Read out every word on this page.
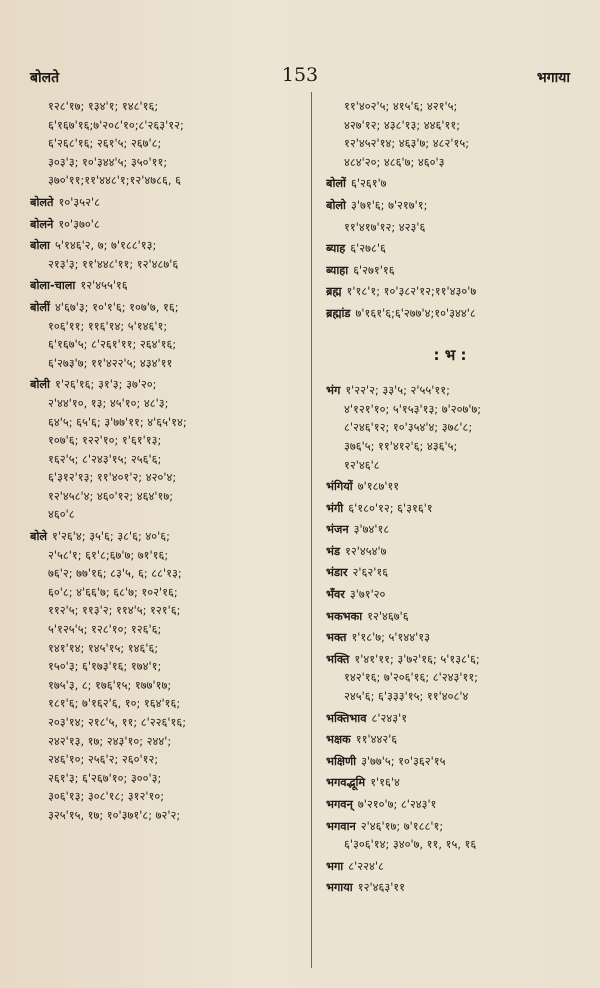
बोलते	153	भगाया
१२८'१७; १३४'१; १४८'१६;
६'१६७'१६;७'२०८'१०;८'२६३'१२;
६'२६८'१६; २६१'५; २६७'८;
३०३'३; १०'३४४'५; ३५०'११;
३७०'११;११'४४८'१;१२'४७८६, ६
बोलते १०'३५२'८
बोलने १०'३७०'८
बोला ५'१४६'२, ७; ७'१८८'१३;
२१३'३; ११'४४८'११; १२'४८७'६
बोला-चाला १२'४५५'१६
बोलीं ४'६७'३; १०'१'६; १०७'७, १६;
१०६'११; ११६'१४; ५'१४६'१;
६'१६७'५; ८'२६१'११; २६४'१६;
६'२७३'७; ११'४२२'५; ४३४'११
बोली १'२६'१६; ३१'३; ३७'२०;
२'४४'१०, १३; ४५'१०; ४८'३;
६४'५; ६५'६; ३'७७'११; ४'६५'१४;
१०७'६; १२२'१०; १'६१'१३;
१६२'५; ८'२४३'१५; २५६'६;
६'३१२'१३; ११'४०१'२; ४२०'४;
१२'४५८'४; ४६०'१२; ४६४'१७;
४६०'८
बोले १'२६'४; ३५'६; ३८'६; ४०'६;
२'५८'१; ६१'८;६७'७; ७१'१६;
७६'२; ७७'१६; ८३'५, ६; ८८'१३;
६०'८; ४'६६'७; ६८'७; १०२'१६;
११२'५; ११३'२; ११४'५; १२१'६;
५'१२५'५; १२८'१०; १२६'६;
१४१'१४; १४५'१५; १४६'६;
१५०'३; ६'१७३'१६; १७४'१;
१७५'३, ८; १७६'१५; १७७'१७;
१८१'६; ७'१६२'६, १०; १६४'१६;
२०३'१४; २१८'५, ११; ८'२२६'१६;
२४२'१३, १७; २४३'१०; २४४';
२४६'१०; २५६'२; २६०'१२;
२६१'३; ६'२६७'१०; ३००'३;
३०६'१३; ३०८'१८; ३१२'१०;
३२५'१५, १७; १०'३७१'८; ७२'२;
११'४०२'५; ४१५'६; ४२१'५;
४२७'१२; ४३८'१३; ४४६'११;
१२'४५२'१४; ४६३'७; ४८२'१५;
४८४'२०; ४८६'७; ४६०'३
बोलों ६'२६१'७
बोलो ३'७१'६; ७'२१७'१;
११'४१७'१२; ४२३'६
ब्याह ६'२७८'६
ब्याहा ६'२७१'१६
ब्रह्म १'१८'१; १०'३८२'१२;११'४३०'७
ब्रह्मांड ७'१६१'६;६'२७७'४;१०'३४४'८
: भ :
भंग १'२२'२; ३३'५; २'५५'११;
४'१२१'१०; ५'१५३'१३; ७'२०७'७;
८'२४६'१२; १०'३५४'४; ३७८'८;
३७६'५; ११'४१२'६; ४३६'५;
१२'४६'८
भंगियों ७'१८७'११
भंगी ६'१८०'१२; ६'३१६'१
भंजन ३'७४'१८
भंड १२'४५४'७
भंडार २'६२'१६
भँवर ३'७१'२०
भकभका १२'४६७'६
भक्त १'१८'७; ५'१४४'१३
भक्ति १'४१'११; ३'७२'१६; ५'१३८'६;
१४२'१६; ७'२०६'१६; ८'२४३'११;
२४५'६; ६'३३३'१५; ११'४०८'४
भक्तिभाव ८'२४३'१
भक्षक ११'४४२'६
भक्षिणी ३'७७'५; १०'३६२'१५
भगवद्भूमि १'१६'४
भगवन् ७'२१०'७; ८'२४३'१
भगवान २'४६'१७; ७'१८८'१;
६'३०६'१४; ३४०'७, ११, १५, १६
भगा ८'२२४'८
भगाया १२'४६३'११
